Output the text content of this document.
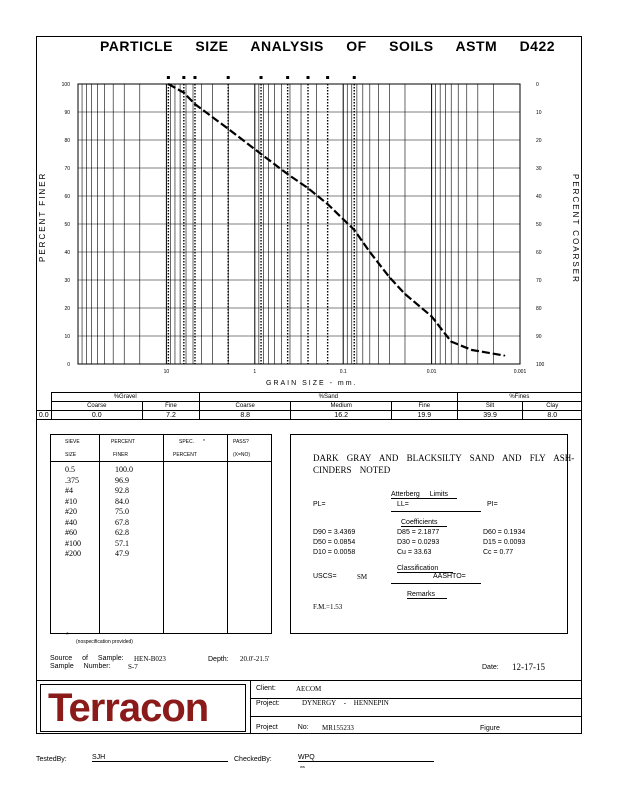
PARTICLE SIZE ANALYSIS OF SOILS ASTM D422
100
90
80
70
60
50
40
30
20
10
0
0
10
20
30
40
50
60
70
80
90
100
10	1	0.1	0.01	0.001
PERCENT FINER	PERCENT COARSER
GRAIN SIZE - mm.
	%Gravel		%Sand			%Fines	
	Coarse	Fine	Coarse	Medium	Fine	Silt	Clay
0.0	0.0	7.2	8.8	16.2	19.9	39.9	8.0
SIEVE	PERCENT	SPEC. *	PASS?
SIZE	FINER	PERCENT	(X=NO)
0.5	100.0
.375	96.9
#4	92.8
#10	84.0
#20	75.0
#40	67.8
#60	62.8
#100	57.1
#200	47.9
*
(nospecification provided)
DARK GRAY AND BLACKSILTY SAND AND FLY ASH-
CINDERS NOTED
Atterberg Limits
PL=	LL=	PI=
Coefficients
D90 = 3.4369	D85 = 2.1877	D60 = 0.1934
D50 = 0.0854	D30 = 0.0293	D15 = 0.0093
D10 = 0.0058	Cu = 33.63	Cc = 0.77
Classification
USCS=	SM	AASHTO=
Remarks
F.M.=1.53
Source of Sample: HEN-B023
Sample Number: S-7
Depth: 20.0'-21.5'
Date: 12-17-15
Terracon	Client:	AECOM
Project:	DYNERGY - HENNEPIN
Project No: MR155233	Figure
TestedBy:	SJH	CheckedBy:	WPQ
ws
